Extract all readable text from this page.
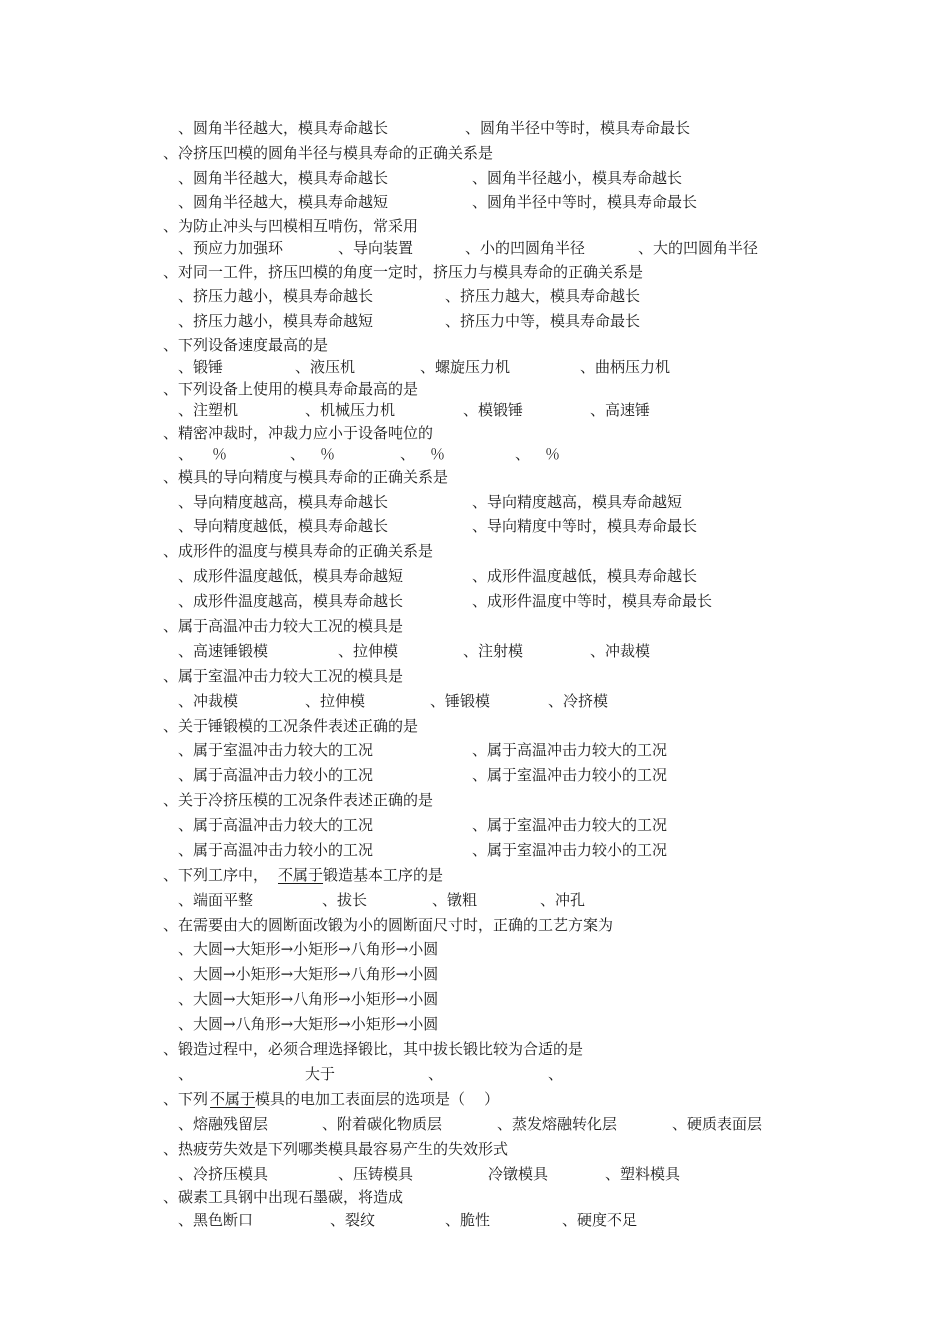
、圆角半径越大，模具寿命越长	、圆角半径中等时，模具寿命最长
、冷挤压凹模的圆角半径与模具寿命的正确关系是
、圆角半径越大，模具寿命越长	、圆角半径越小，模具寿命越长
、圆角半径越大，模具寿命越短	、圆角半径中等时，模具寿命最长
、为防止冲头与凹模相互啃伤，常采用
、预应力加强环	、导向装置	、小的凹圆角半径	、大的凹圆角半径
、对同一工件，挤压凹模的角度一定时，挤压力与模具寿命的正确关系是
、挤压力越小，模具寿命越长	、挤压力越大，模具寿命越长
、挤压力越小，模具寿命越短	、挤压力中等，模具寿命最长
、下列设备速度最高的是
、锻锤	、液压机	、螺旋压力机	、曲柄压力机
、下列设备上使用的模具寿命最高的是
、注塑机	、机械压力机	、模锻锤	、高速锤
、精密冲裁时，冲裁力应小于设备吨位的
、 ％	、 ％	、 ％	、 ％
、模具的导向精度与模具寿命的正确关系是
、导向精度越高，模具寿命越长	、导向精度越高，模具寿命越短
、导向精度越低，模具寿命越长	、导向精度中等时，模具寿命最长
、成形件的温度与模具寿命的正确关系是
、成形件温度越低，模具寿命越短	、成形件温度越低，模具寿命越长
、成形件温度越高，模具寿命越长	、成形件温度中等时，模具寿命最长
、属于高温冲击力较大工况的模具是
、高速锤锻模	、拉伸模	、注射模	、冲裁模
、属于室温冲击力较大工况的模具是
、冲裁模	、拉伸模	、锤锻模	、冷挤模
、关于锤锻模的工况条件表述正确的是
、属于室温冲击力较大的工况	、属于高温冲击力较大的工况
、属于高温冲击力较小的工况	、属于室温冲击力较小的工况
、关于冷挤压模的工况条件表述正确的是
、属于高温冲击力较大的工况	、属于室温冲击力较大的工况
、属于高温冲击力较小的工况	、属于室温冲击力较小的工况
、下列工序中， 不属于 锻造基本工序的是
、端面平整	、拔长	、镦粗	、冲孔
、在需要由大的圆断面改锻为小的圆断面尺寸时，正确的工艺方案为
、大圆→大矩形→小矩形→八角形→小圆
、大圆→小矩形→大矩形→八角形→小圆
、大圆→大矩形→八角形→小矩形→小圆
、大圆→八角形→大矩形→小矩形→小圆
、锻造过程中，必须合理选择锻比，其中拔长锻比较为合适的是
、	大于	、	、
、下列 不属于 模具的电加工表面层的选项是（    ）
、熔融残留层	、附着碳化物质层	、蒸发熔融转化层	、硬质表面层
、热疲劳失效是下列哪类模具最容易产生的失效形式
、冷挤压模具	、压铸模具	冷镦模具	、塑料模具
、碳素工具钢中出现石墨碳，将造成
、黑色断口	、裂纹	、脆性	、硬度不足
